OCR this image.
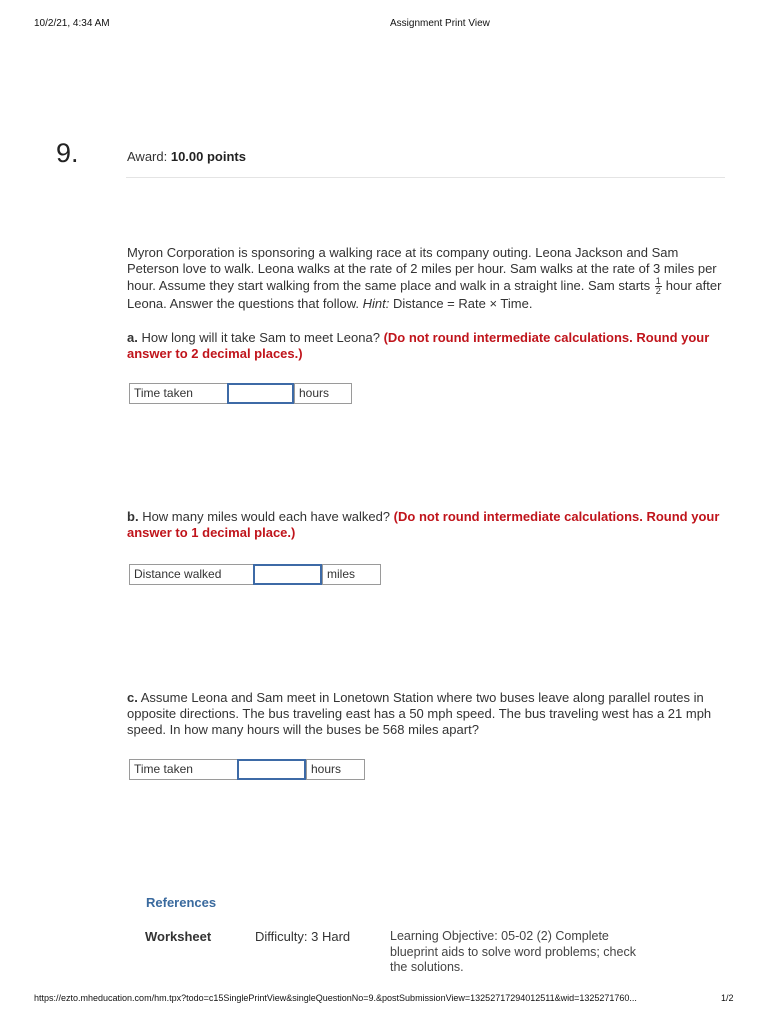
10/2/21, 4:34 AM	Assignment Print View
9.	Award: 10.00 points
Myron Corporation is sponsoring a walking race at its company outing. Leona Jackson and Sam Peterson love to walk. Leona walks at the rate of 2 miles per hour. Sam walks at the rate of 3 miles per hour. Assume they start walking from the same place and walk in a straight line. Sam starts $\frac{1}{2}$ hour after Leona. Answer the questions that follow. Hint: Distance = Rate × Time.
a. How long will it take Sam to meet Leona? (Do not round intermediate calculations. Round your answer to 2 decimal places.)
Time taken	hours
b. How many miles would each have walked? (Do not round intermediate calculations. Round your answer to 1 decimal place.)
Distance walked	miles
c. Assume Leona and Sam meet in Lonetown Station where two buses leave along parallel routes in opposite directions. The bus traveling east has a 50 mph speed. The bus traveling west has a 21 mph speed. In how many hours will the buses be 568 miles apart?
Time taken	hours
References
Worksheet	Difficulty: 3 Hard	Learning Objective: 05-02 (2) Complete blueprint aids to solve word problems; check the solutions.
https://ezto.mheducation.com/hm.tpx?todo=c15SinglePrintView&singleQuestionNo=9.&postSubmissionView=13252717294012511&wid=1325271760...	1/2
